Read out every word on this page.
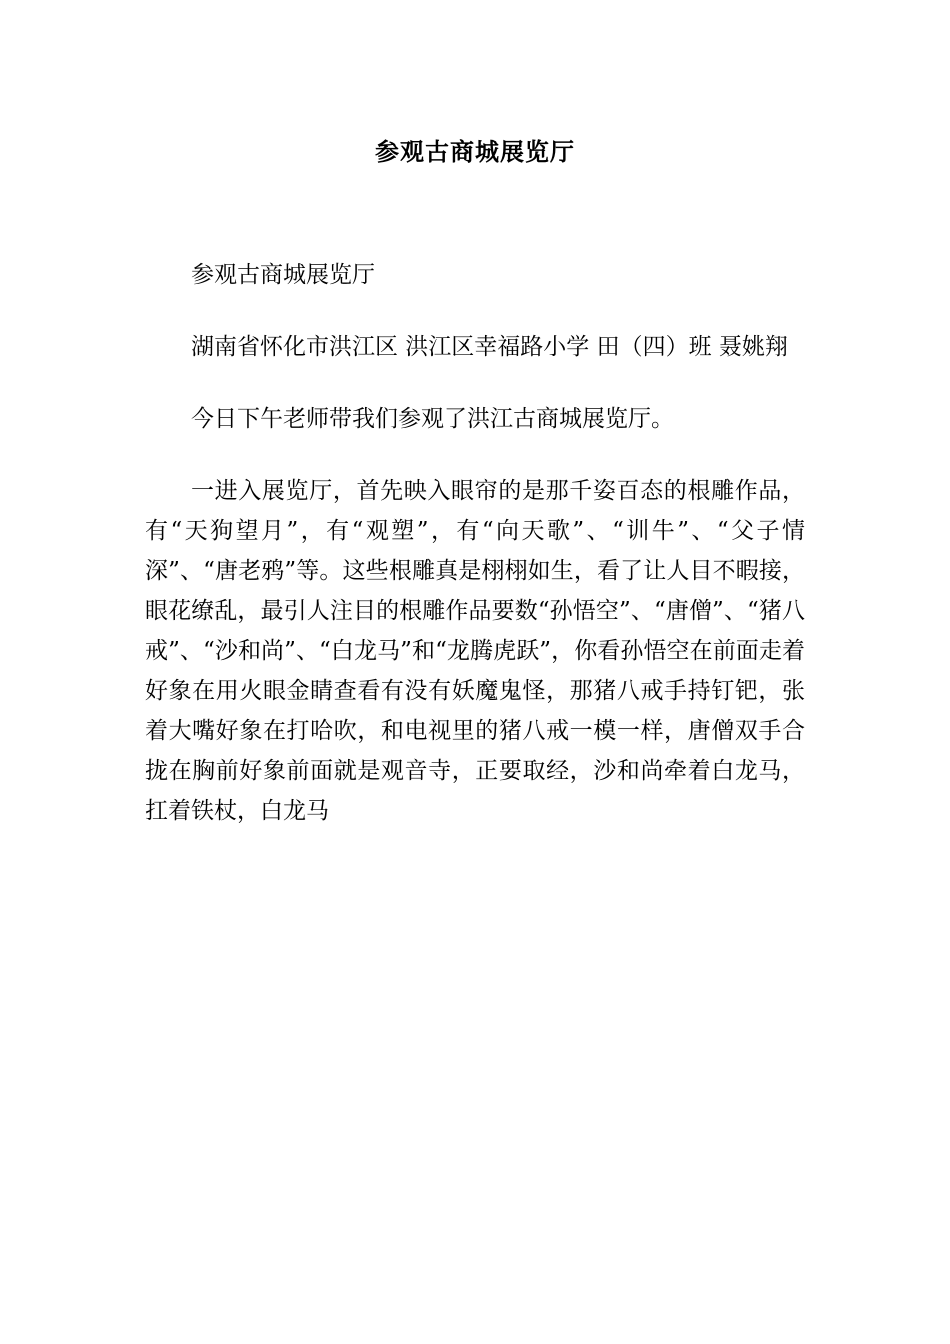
参观古商城展览厅

参观古商城展览厅

湖南省怀化市洪江区 洪江区幸福路小学 田（四）班 聂姚翔

今日下午老师带我们参观了洪江古商城展览厅。

一进入展览厅，首先映入眼帘的是那千姿百态的根雕作品，有“天狗望月”，有“观塑”，有“向天歌”、“训牛”、“父子情深”、“唐老鸦”等。这些根雕真是栩栩如生，看了让人目不暇接，眼花缭乱，最引人注目的根雕作品要数“孙悟空”、“唐僧”、“猪八戒”、“沙和尚”、“白龙马”和“龙腾虎跃”，你看孙悟空在前面走着好象在用火眼金睛查看有没有妖魔鬼怪，那猪八戒手持钉钯，张着大嘴好象在打哈吹，和电视里的猪八戒一模一样，唐僧双手合拢在胸前好象前面就是观音寺，正要取经，沙和尚牵着白龙马，扛着铁杖，白龙马
